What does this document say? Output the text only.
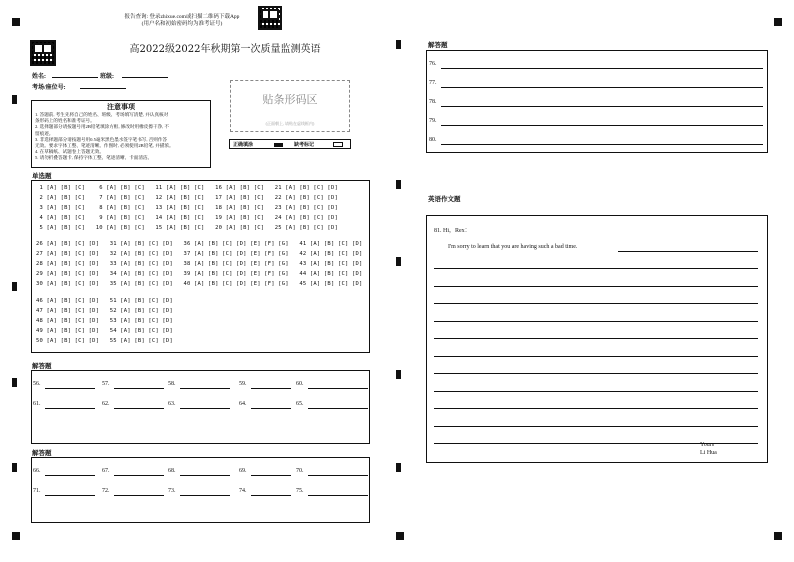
报告查询: 登录zhixue.com或扫描二维码下载App
(用户名和初始密码均为准考证号)
高2022级2022年秋期第一次质量监测英语
姓名:	班级:
考场/座位号:
贴条形码区
(正面朝上, 请贴在虚线框内)
注意事项
1. 答题前, 考生先将自己的姓名、班级、考场填写清楚, 并认真核对
条形码上的姓名和准考证号。
2. 选择题部分请按题号用2B铅笔填涂方框, 修改时用橡皮擦干净, 不
留痕迹。
3. 非选择题部分请按题号用0.5毫米黑色墨水签字笔书写, 否则作答
无效。要求字体工整、笔迹清晰。作图时, 必须使用2B铅笔, 并描浓。
4. 在草稿纸、试题卷上答题无效。
5. 请勿折叠答题卡, 保持字体工整、笔迹清晰、卡面清洁。
正确填涂	缺考标记
单选题
1 [A] [B] [C]    6 [A] [B] [C]   11 [A] [B] [C]   16 [A] [B] [C]   21 [A] [B] [C] [D]
2 [A] [B] [C]    7 [A] [B] [C]   12 [A] [B] [C]   17 [A] [B] [C]   22 [A] [B] [C] [D]
3 [A] [B] [C]    8 [A] [B] [C]   13 [A] [B] [C]   18 [A] [B] [C]   23 [A] [B] [C] [D]
4 [A] [B] [C]    9 [A] [B] [C]   14 [A] [B] [C]   19 [A] [B] [C]   24 [A] [B] [C] [D]
5 [A] [B] [C]   10 [A] [B] [C]   15 [A] [B] [C]   20 [A] [B] [C]   25 [A] [B] [C] [D]
26 [A] [B] [C] [D]   31 [A] [B] [C] [D]   36 [A] [B] [C] [D] [E] [F] [G]   41 [A] [B] [C] [D]
27 [A] [B] [C] [D]   32 [A] [B] [C] [D]   37 [A] [B] [C] [D] [E] [F] [G]   42 [A] [B] [C] [D]
28 [A] [B] [C] [D]   33 [A] [B] [C] [D]   38 [A] [B] [C] [D] [E] [F] [G]   43 [A] [B] [C] [D]
29 [A] [B] [C] [D]   34 [A] [B] [C] [D]   39 [A] [B] [C] [D] [E] [F] [G]   44 [A] [B] [C] [D]
30 [A] [B] [C] [D]   35 [A] [B] [C] [D]   40 [A] [B] [C] [D] [E] [F] [G]   45 [A] [B] [C] [D]
46 [A] [B] [C] [D]   51 [A] [B] [C] [D]
47 [A] [B] [C] [D]   52 [A] [B] [C] [D]
48 [A] [B] [C] [D]   53 [A] [B] [C] [D]
49 [A] [B] [C] [D]   54 [A] [B] [C] [D]
50 [A] [B] [C] [D]   55 [A] [B] [C] [D]
解答题
56.	57.	58.	59.	60.
61.	62.	63.	64.	65.
解答题
66.	67.	68.	69.	70.
71.	72.	73.	74.	75.
解答题
76.
77.
78.
79.
80.
英语作文题
81. Hi，Rex：
I'm sorry to learn that you are having such a bad time.
Yours
Li Hua
